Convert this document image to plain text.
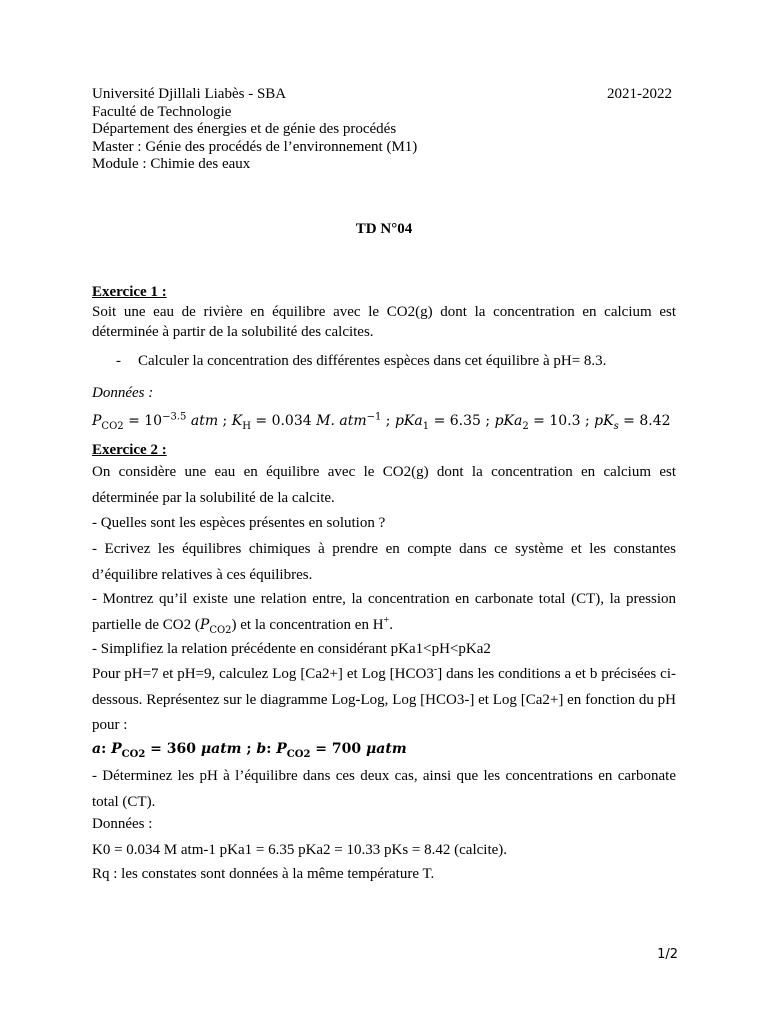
Université Djillali Liabès - SBA	2021-2022

Faculté de Technologie

Département des énergies et de génie des procédés

Master : Génie des procédés de l’environnement (M1)

Module : Chimie des eaux

TD N°04

Exercice 1 :

Soit une eau de rivière en équilibre avec le CO2(g) dont la concentration en calcium est déterminée à partir de la solubilité des calcites.

- Calculer la concentration des différentes espèces dans cet équilibre à pH= 8.3.

Données :

$P_{CO2} = 10^{-3.5}$ atm ; $K_H = 0.034$ M. atm$^{-1}$ ; pKa$_1$ = 6.35 ; pKa$_2$ = 10.3 ; $pK_s = 8.42$

Exercice 2 :

On considère une eau en équilibre avec le CO2(g) dont la concentration en calcium est déterminée par la solubilité de la calcite.

- Quelles sont les espèces présentes en solution ?

- Ecrivez les équilibres chimiques à prendre en compte dans ce système et les constantes d’équilibre relatives à ces équilibres.

- Montrez qu’il existe une relation entre, la concentration en carbonate total (CT), la pression partielle de CO2 $(P_{CO2})$ et la concentration en H+.

- Simplifiez la relation précédente en considérant pKa1<pH<pKa2

Pour pH=7 et pH=9, calculez Log [Ca2+] et Log [HCO3-] dans les conditions a et b précisées ci-dessous. Représentez sur le diagramme Log-Log, Log [HCO3-] et Log [Ca2+] en fonction du pH pour :

a: $P_{CO2} = 360$ μatm ; b: $P_{CO2} = 700$ μatm

- Déterminez les pH à l’équilibre dans ces deux cas, ainsi que les concentrations en carbonate total (CT).

Données :

K0 = 0.034 M atm-1 pKa1 = 6.35 pKa2 = 10.33 pKs = 8.42 (calcite).

Rq : les constates sont données à la même température T.

1/2
